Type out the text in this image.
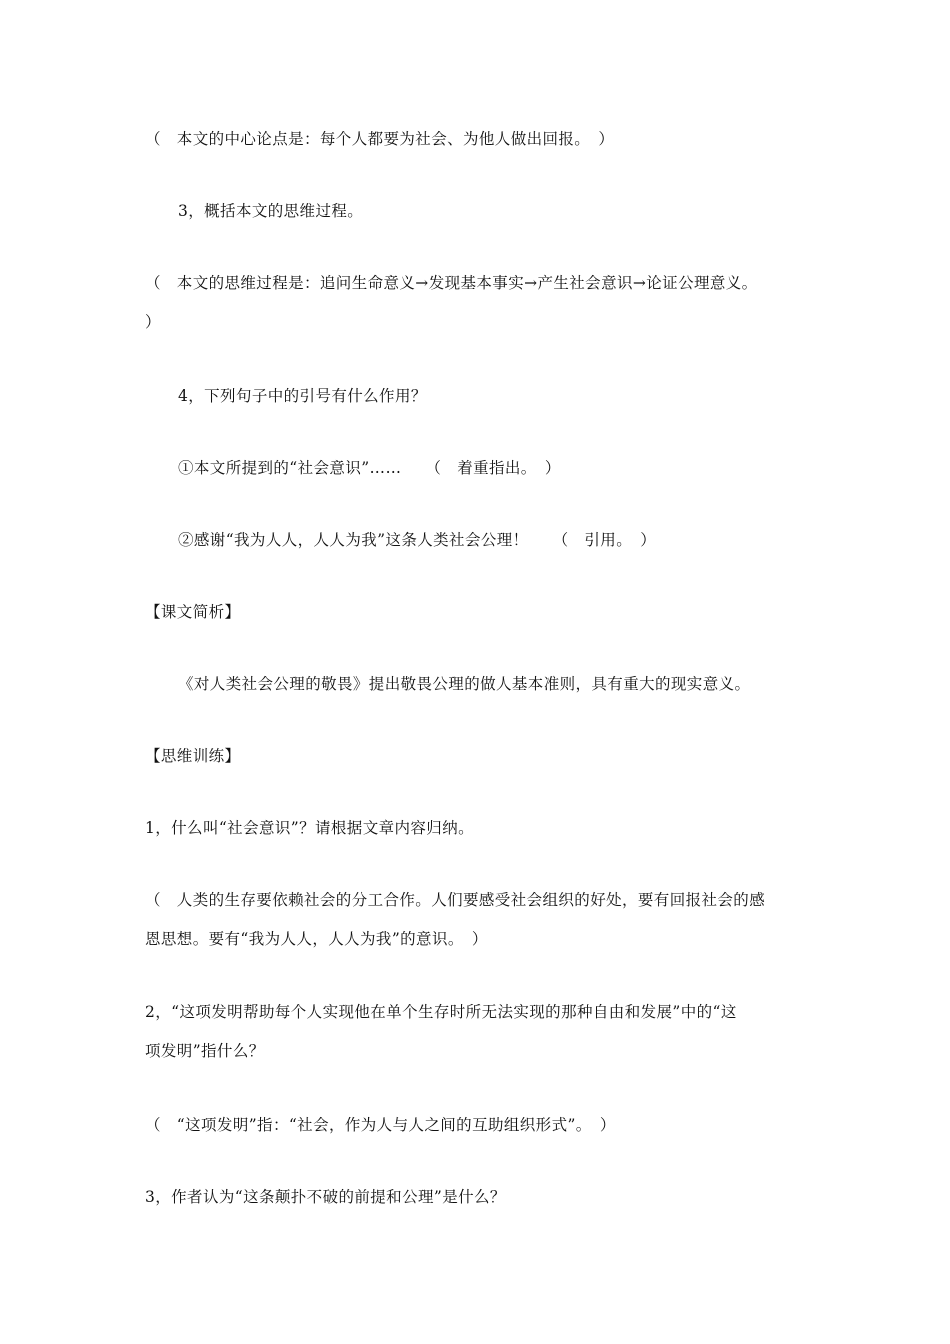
（　本文的中心论点是：每个人都要为社会、为他人做出回报。　）
3，概括本文的思维过程。
（　本文的思维过程是：追问生命意义→发现基本事实→产生社会意识→论证公理意义。
）
4，下列句子中的引号有什么作用？
①本文所提到的“社会意识”……　　（　着重指出。　）
②感谢“我为人人，人人为我”这条人类社会公理！　　（　引用。　）
【课文简析】
《对人类社会公理的敬畏》提出敬畏公理的做人基本准则，具有重大的现实意义。
【思维训练】
1，什么叫“社会意识”？请根据文章内容归纳。
（　人类的生存要依赖社会的分工合作。人们要感受社会组织的好处，要有回报社会的感
恩思想。要有“我为人人，人人为我”的意识。　）
2，“这项发明帮助每个人实现他在单个生存时所无法实现的那种自由和发展”中的“这
项发明”指什么？
（　“这项发明”指：“社会，作为人与人之间的互助组织形式”。　）
3，作者认为“这条颠扑不破的前提和公理”是什么？
